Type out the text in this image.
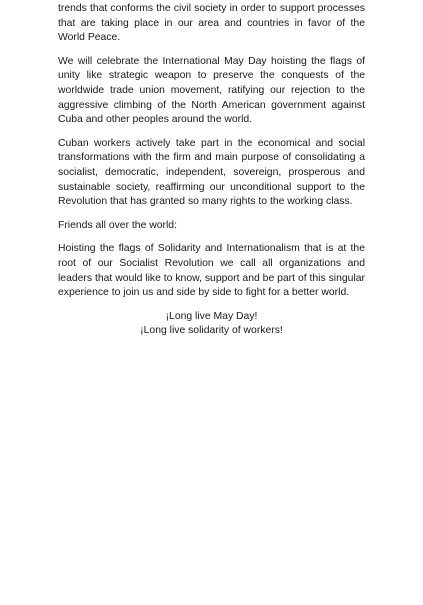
trends that conforms the civil society in order to support processes that are taking place in our area and countries in favor of the World Peace.

We will celebrate the International May Day hoisting the flags of unity like strategic weapon to preserve the conquests of the worldwide trade union movement, ratifying our rejection to the aggressive climbing of the North American government against Cuba and other peoples around the world.

Cuban workers actively take part in the economical and social transformations with the firm and main purpose of consolidating a socialist, democratic, independent, sovereign, prosperous and sustainable society, reaffirming our unconditional support to the Revolution that has granted so many rights to the working class.

Friends all over the world:

Hoisting the flags of Solidarity and Internationalism that is at the root of our Socialist Revolution we call all organizations and leaders that would like to know, support and be part of this singular experience to join us and side by side to fight for a better world.

¡Long live May Day!

¡Long live solidarity of workers!
